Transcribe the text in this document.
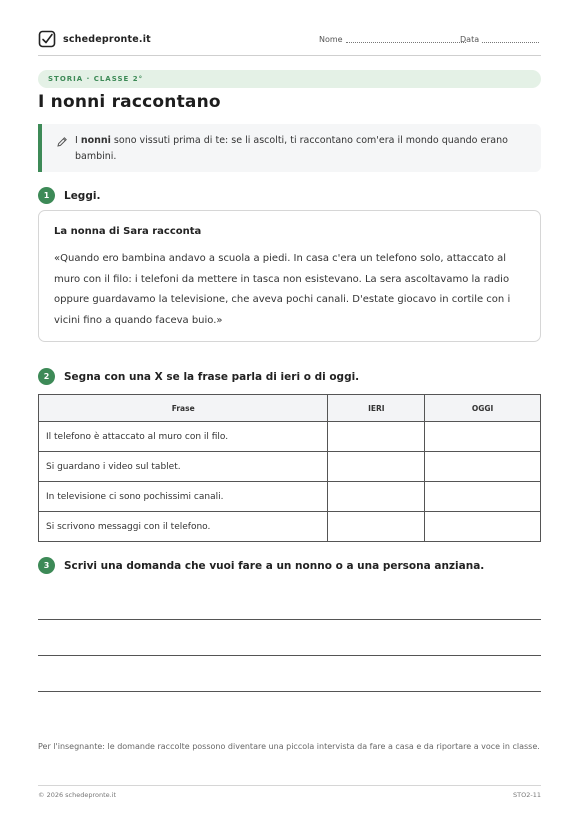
schedepronte.it	Nome	Data
STORIA · CLASSE 2°
I nonni raccontano
I nonni sono vissuti prima di te: se li ascolti, ti raccontano com'era il mondo quando erano bambini.
1	Leggi.
La nonna di Sara racconta
«Quando ero bambina andavo a scuola a piedi. In casa c'era un telefono solo, attaccato al muro con il filo: i telefoni da mettere in tasca non esistevano. La sera ascoltavamo la radio oppure guardavamo la televisione, che aveva pochi canali. D'estate giocavo in cortile con i vicini fino a quando faceva buio.»
2	Segna con una X se la frase parla di ieri o di oggi.
Frase	IERI	OGGI
Il telefono è attaccato al muro con il filo.		
Si guardano i video sul tablet.		
In televisione ci sono pochissimi canali.		
Si scrivono messaggi con il telefono.		
3	Scrivi una domanda che vuoi fare a un nonno o a una persona anziana.
Per l'insegnante: le domande raccolte possono diventare una piccola intervista da fare a casa e da riportare a voce in classe.
© 2026 schedepronte.it	STO2-11
